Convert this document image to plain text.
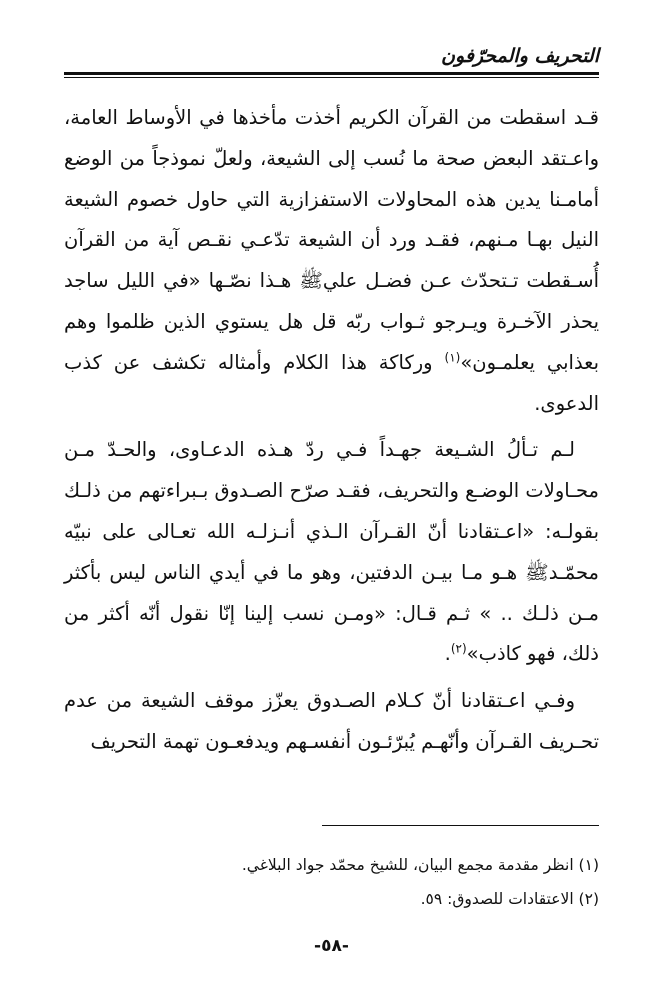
التحريف والمحرّفون

قـد اسقطت من القرآن الكريم أخذت مأخذها في الأوساط العامة، واعـتقد البعض صحة ما نُسب إلى الشيعة، ولعلّ نموذجاً من الوضع أمامـنا يدين هذه المحاولات الاستفزازية التي حاول خصوم الشيعة النيل بهـا مـنهم، فقـد ورد أن الشيعة تدّعـي نقـص آية من القرآن أُسـقطت تـتحدّث عـن فضـل عليﷺ هـذا نصّـها «في الليل ساجد يحذر الآخـرة ويـرجو ثـواب ربّه قل هل يستوي الذين ظلموا وهم بعذابي يعلمـون»$^{(١)}$ وركاكة هذا الكلام وأمثاله تكشف عن كذب الدعوى.

لـم تـألُ الشـيعة جهـداً فـي ردّ هـذه الدعـاوى، والحـدّ مـن محـاولات الوضـع والتحريف، فقـد صرّح الصـدوق بـبراءتهم من ذلـك بقولـه: «اعـتقادنا أنّ القـرآن الـذي أنـزلـه الله تعـالى على نبيّه محمّـدﷺ هـو مـا بيـن الدفتين، وهو ما في أيدي الناس ليس بأكثر مـن ذلـك .. » ثـم قـال: «ومـن نسب إلينا إنّا نقول أنّه أكثر من ذلك، فهو كاذب»$^{(٢)}$.

وفـي اعـتقادنا أنّ كـلام الصـدوق يعزّز موقف الشيعة من عدم تحـريف القـرآن وأنّهـم يُبرّئـون أنفسـهم ويدفعـون تهمة التحريف

(١) انظر مقدمة مجمع البيان، للشيخ محمّد جواد البلاغي.
(٢) الاعتقادات للصدوق: ٥٩.
-٥٨-
